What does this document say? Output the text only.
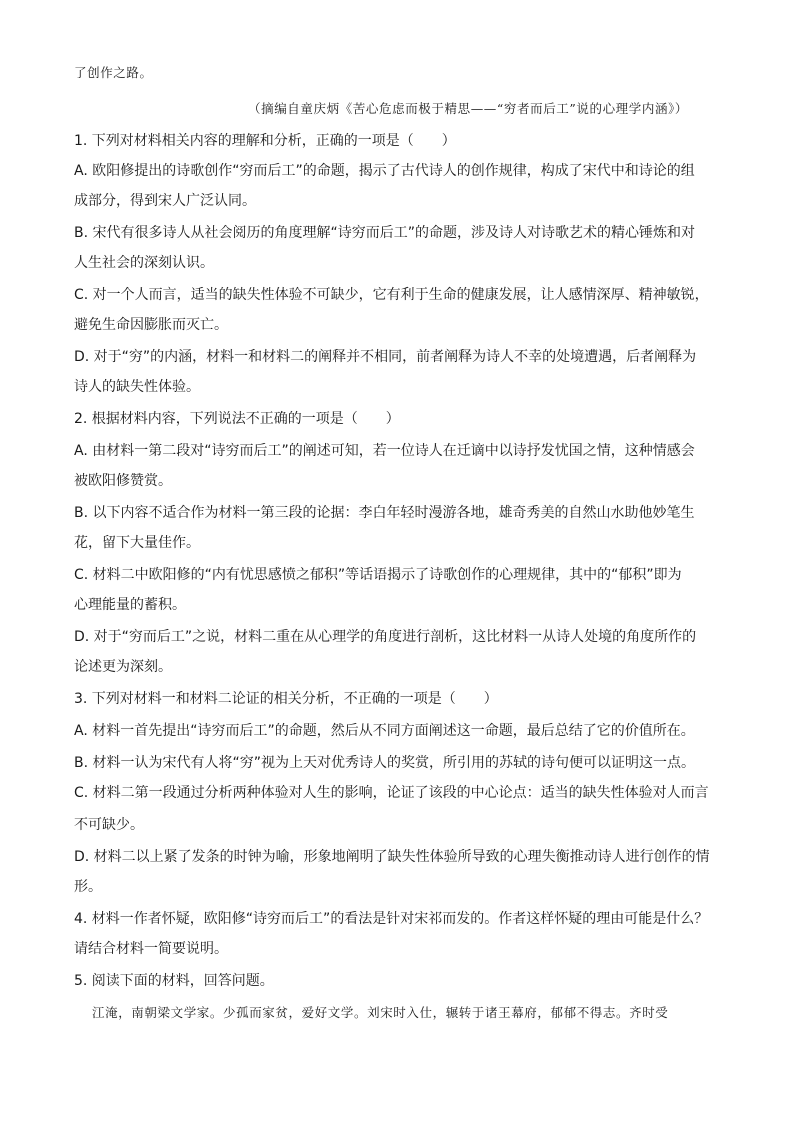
了创作之路。
（摘编自童庆炳《苦心危虑而极于精思——“穷者而后工”说的心理学内涵》）
1. 下列对材料相关内容的理解和分析，正确的一项是（　　）
A. 欧阳修提出的诗歌创作“穷而后工”的命题，揭示了古代诗人的创作规律，构成了宋代中和诗论的组
成部分，得到宋人广泛认同。
B. 宋代有很多诗人从社会阅历的角度理解“诗穷而后工”的命题，涉及诗人对诗歌艺术的精心锤炼和对
人生社会的深刻认识。
C. 对一个人而言，适当的缺失性体验不可缺少，它有利于生命的健康发展，让人感情深厚、精神敏锐，
避免生命因膨胀而灭亡。
D. 对于“穷”的内涵，材料一和材料二的阐释并不相同，前者阐释为诗人不幸的处境遭遇，后者阐释为
诗人的缺失性体验。
2. 根据材料内容，下列说法不正确的一项是（　　）
A. 由材料一第二段对“诗穷而后工”的阐述可知，若一位诗人在迁谪中以诗抒发忧国之情，这种情感会
被欧阳修赞赏。
B. 以下内容不适合作为材料一第三段的论据：李白年轻时漫游各地，雄奇秀美的自然山水助他妙笔生
花，留下大量佳作。
C. 材料二中欧阳修的“内有忧思感愤之郁积”等话语揭示了诗歌创作的心理规律，其中的“郁积”即为
心理能量的蓄积。
D. 对于“穷而后工”之说，材料二重在从心理学的角度进行剖析，这比材料一从诗人处境的角度所作的
论述更为深刻。
3. 下列对材料一和材料二论证的相关分析，不正确的一项是（　　）
A. 材料一首先提出“诗穷而后工”的命题，然后从不同方面阐述这一命题，最后总结了它的价值所在。
B. 材料一认为宋代有人将“穷”视为上天对优秀诗人的奖赏，所引用的苏轼的诗句便可以证明这一点。
C. 材料二第一段通过分析两种体验对人生的影响，论证了该段的中心论点：适当的缺失性体验对人而言
不可缺少。
D. 材料二以上紧了发条的时钟为喻，形象地阐明了缺失性体验所导致的心理失衡推动诗人进行创作的情
形。
4. 材料一作者怀疑，欧阳修“诗穷而后工”的看法是针对宋祁而发的。作者这样怀疑的理由可能是什么？
请结合材料一简要说明。
5. 阅读下面的材料，回答问题。
江淹，南朝梁文学家。少孤而家贫，爱好文学。刘宋时入仕，辗转于诸王幕府，郁郁不得志。齐时受
